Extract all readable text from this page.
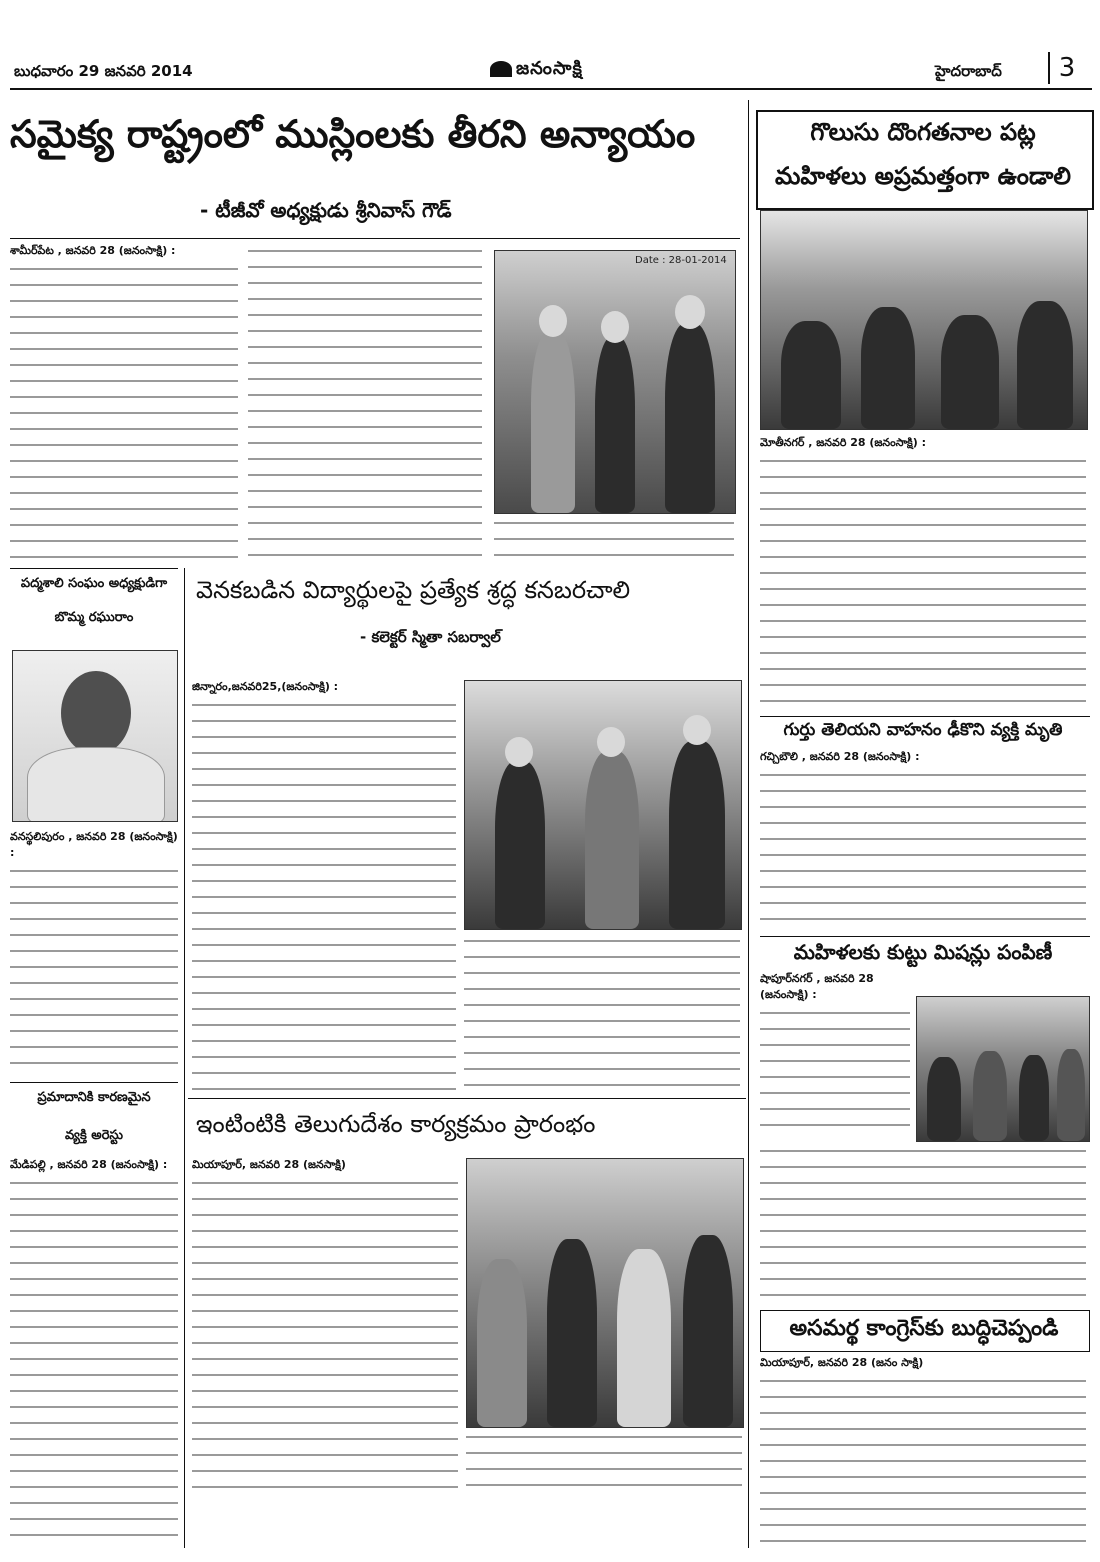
బుధవారం 29 జనవరి 2014	జనంసాక్షి	హైదరాబాద్	3
సమైక్య రాష్ట్రంలో ముస్లింలకు తీరని అన్యాయం
- టీజీవో అధ్యక్షుడు శ్రీనివాస్ గౌడ్
శామీర్‌పేట , జనవరి 28 (జనంసాక్షి) :
Date : 28-01-2014
గొలుసు దొంగతనాల పట్ల
మహిళలు అప్రమత్తంగా ఉండాలి
మోతీనగర్ , జనవరి 28 (జనంసాక్షి) :
గుర్తు తెలియని వాహనం ఢీకొని వ్యక్తి మృతి
గచ్చిబౌలి , జనవరి 28 (జనంసాక్షి) :
మహిళలకు కుట్టు మిషన్లు పంపిణీ
షాపూర్‌నగర్ , జనవరి 28 (జనంసాక్షి) :
అసమర్థ కాంగ్రెస్‌కు బుద్ధిచెప్పండి
మియాపూర్, జనవరి 28 (జనం సాక్షి)
పద్మశాలి సంఘం అధ్యక్షుడిగా
బొమ్మ రఘురాం
వనస్థలిపురం , జనవరి 28 (జనంసాక్షి) :
ప్రమాదానికి కారణమైన
వ్యక్తి అరెస్టు
మేడిపల్లి , జనవరి 28 (జనంసాక్షి) :
వెనకబడిన విద్యార్థులపై ప్రత్యేక శ్రద్ధ కనబరచాలి
- కలెక్టర్ స్మితా సబర్వాల్
జిన్నారం,జనవరి25,(జనంసాక్షి) :
ఇంటింటికి తెలుగుదేశం కార్యక్రమం ప్రారంభం
మియాపూర్, జనవరి 28 (జనసాక్షి)
